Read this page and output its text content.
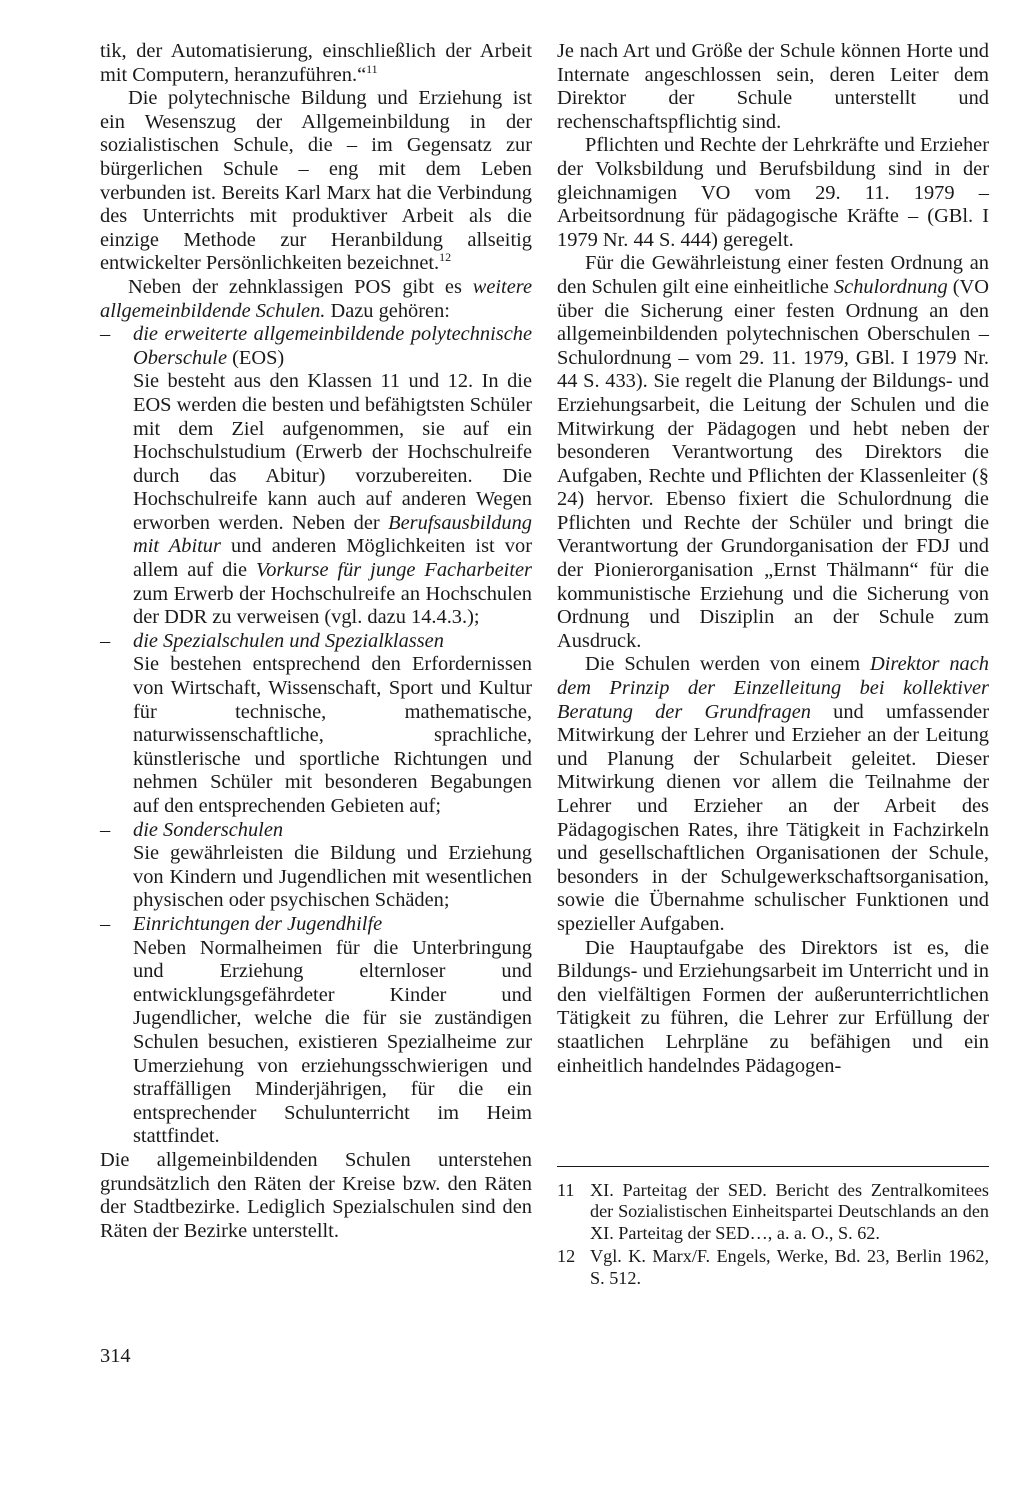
tik, der Automatisierung, einschließlich der Arbeit mit Computern, heranzuführen.“$^{11}$

Die polytechnische Bildung und Erziehung ist ein Wesenszug der Allgemeinbildung in der sozialistischen Schule, die – im Gegensatz zur bürgerlichen Schule – eng mit dem Leben verbunden ist. Bereits Karl Marx hat die Verbindung des Unterrichts mit produktiver Arbeit als die einzige Methode zur Heranbildung allseitig entwickelter Persönlichkeiten bezeichnet.$^{12}$

Neben der zehnklassigen POS gibt es weitere allgemeinbildende Schulen. Dazu gehören:

– die erweiterte allgemeinbildende polytechnische Oberschule (EOS)
Sie besteht aus den Klassen 11 und 12. In die EOS werden die besten und befähigtsten Schüler mit dem Ziel aufgenommen, sie auf ein Hochschulstudium (Erwerb der Hochschulreife durch das Abitur) vorzubereiten. Die Hochschulreife kann auch auf anderen Wegen erworben werden. Neben der Berufsausbildung mit Abitur und anderen Möglichkeiten ist vor allem auf die Vorkurse für junge Facharbeiter zum Erwerb der Hochschulreife an Hochschulen der DDR zu verweisen (vgl. dazu 14.4.3.);
– die Spezialschulen und Spezialklassen
Sie bestehen entsprechend den Erfordernissen von Wirtschaft, Wissenschaft, Sport und Kultur für technische, mathematische, naturwissenschaftliche, sprachliche, künstlerische und sportliche Richtungen und nehmen Schüler mit besonderen Begabungen auf den entsprechenden Gebieten auf;
– die Sonderschulen
Sie gewährleisten die Bildung und Erziehung von Kindern und Jugendlichen mit wesentlichen physischen oder psychischen Schäden;
– Einrichtungen der Jugendhilfe
Neben Normalheimen für die Unterbringung und Erziehung elternloser und entwicklungsgefährdeter Kinder und Jugendlicher, welche die für sie zuständigen Schulen besuchen, existieren Spezialheime zur Umerziehung von erziehungsschwierigen und straffälligen Minderjährigen, für die ein entsprechender Schulunterricht im Heim stattfindet.

Die allgemeinbildenden Schulen unterstehen grundsätzlich den Räten der Kreise bzw. den Räten der Stadtbezirke. Lediglich Spezialschulen sind den Räten der Bezirke unterstellt.

Je nach Art und Größe der Schule können Horte und Internate angeschlossen sein, deren Leiter dem Direktor der Schule unterstellt und rechenschaftspflichtig sind.

Pflichten und Rechte der Lehrkräfte und Erzieher der Volksbildung und Berufsbildung sind in der gleichnamigen VO vom 29. 11. 1979 – Arbeitsordnung für pädagogische Kräfte – (GBl. I 1979 Nr. 44 S. 444) geregelt.

Für die Gewährleistung einer festen Ordnung an den Schulen gilt eine einheitliche Schulordnung (VO über die Sicherung einer festen Ordnung an den allgemeinbildenden polytechnischen Oberschulen – Schulordnung – vom 29. 11. 1979, GBl. I 1979 Nr. 44 S. 433). Sie regelt die Planung der Bildungs- und Erziehungsarbeit, die Leitung der Schulen und die Mitwirkung der Pädagogen und hebt neben der besonderen Verantwortung des Direktors die Aufgaben, Rechte und Pflichten der Klassenleiter (§ 24) hervor. Ebenso fixiert die Schulordnung die Pflichten und Rechte der Schüler und bringt die Verantwortung der Grundorganisation der FDJ und der Pionierorganisation „Ernst Thälmann“ für die kommunistische Erziehung und die Sicherung von Ordnung und Disziplin an der Schule zum Ausdruck.

Die Schulen werden von einem Direktor nach dem Prinzip der Einzelleitung bei kollektiver Beratung der Grundfragen und umfassender Mitwirkung der Lehrer und Erzieher an der Leitung und Planung der Schularbeit geleitet. Dieser Mitwirkung dienen vor allem die Teilnahme der Lehrer und Erzieher an der Arbeit des Pädagogischen Rates, ihre Tätigkeit in Fachzirkeln und gesellschaftlichen Organisationen der Schule, besonders in der Schulgewerkschaftsorganisation, sowie die Übernahme schulischer Funktionen und spezieller Aufgaben.

Die Hauptaufgabe des Direktors ist es, die Bildungs- und Erziehungsarbeit im Unterricht und in den vielfältigen Formen der außerunterrichtlichen Tätigkeit zu führen, die Lehrer zur Erfüllung der staatlichen Lehrpläne zu befähigen und ein einheitlich handelndes Pädagogen-

11 XI. Parteitag der SED. Bericht des Zentralkomitees der Sozialistischen Einheitspartei Deutschlands an den XI. Parteitag der SED…, a. a. O., S. 62.
12 Vgl. K. Marx/F. Engels, Werke, Bd. 23, Berlin 1962, S. 512.
314
